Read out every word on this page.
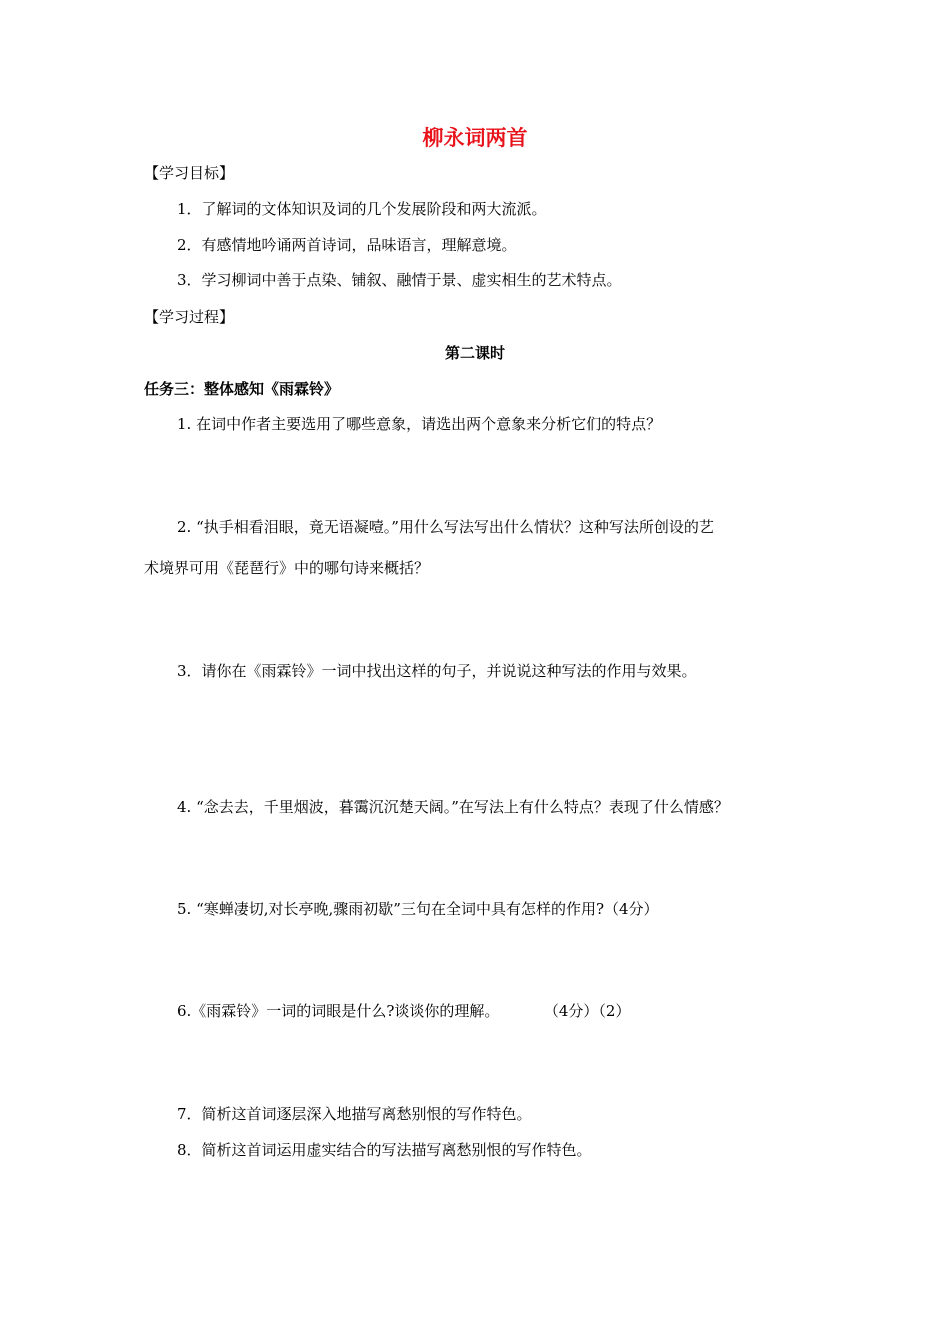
柳永词两首
【学习目标】
1．了解词的文体知识及词的几个发展阶段和两大流派。
2．有感情地吟诵两首诗词，品味语言，理解意境。
3．学习柳词中善于点染、铺叙、融情于景、虚实相生的艺术特点。
【学习过程】
第二课时
任务三：整体感知《雨霖铃》
1. 在词中作者主要选用了哪些意象，请选出两个意象来分析它们的特点？
2. “执手相看泪眼，竟无语凝噎。”用什么写法写出什么情状？这种写法所创设的艺
术境界可用《琵琶行》中的哪句诗来概括？
3．请你在《雨霖铃》一词中找出这样的句子，并说说这种写法的作用与效果。
4. “念去去，千里烟波，暮霭沉沉楚天阔。”在写法上有什么特点？表现了什么情感？
5. “寒蝉凄切,对长亭晚,骤雨初歇”三句在全词中具有怎样的作用?（4分）
6.《雨霖铃》一词的词眼是什么?谈谈你的理解。	（4分）（2）
7．简析这首词逐层深入地描写离愁别恨的写作特色。
8．简析这首词运用虚实结合的写法描写离愁别恨的写作特色。
